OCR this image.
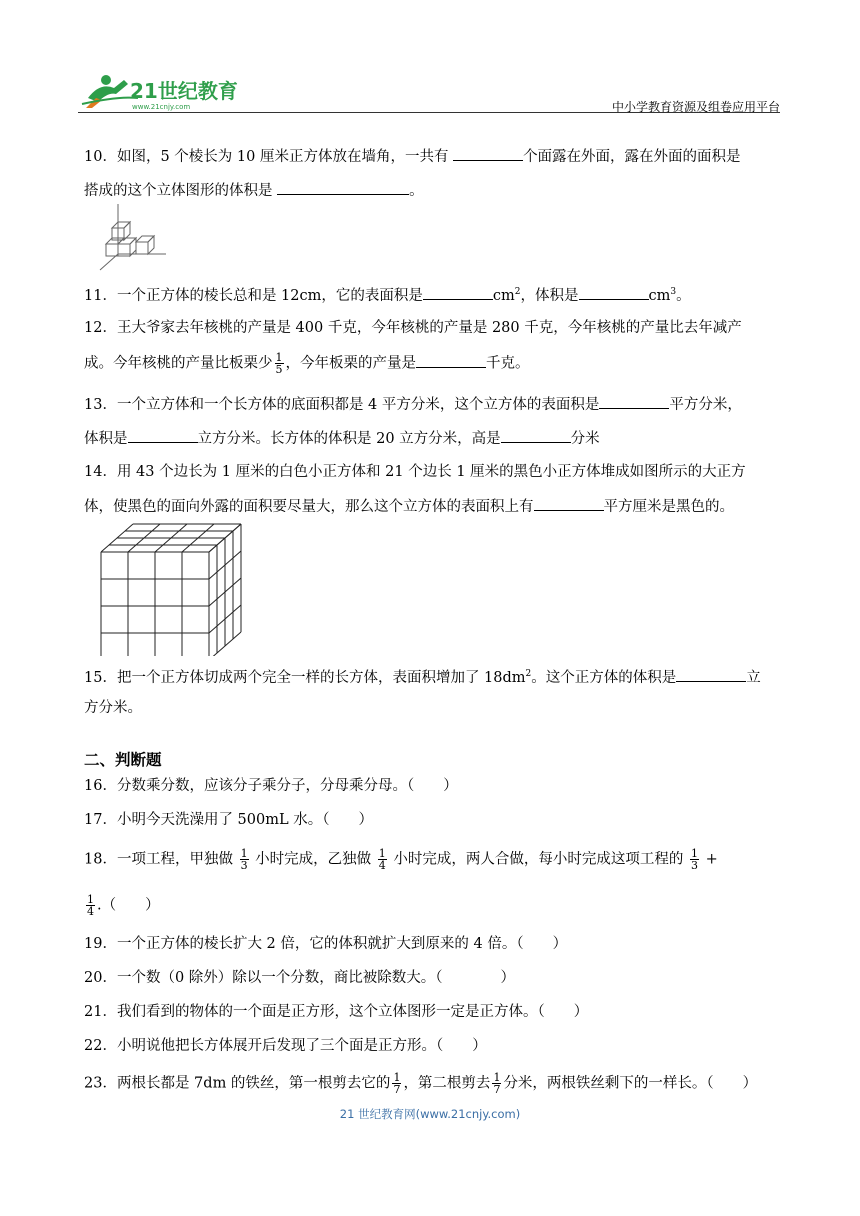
21世纪教育
www.21cnjy.com	中小学教育资源及组卷应用平台
10．如图，5 个棱长为 10 厘米正方体放在墙角，一共有	个面露在外面，露在外面的面积是
搭成的这个立体图形的体积是	。
11．一个正方体的棱长总和是 12cm，它的表面积是	$cm^2$，体积是	$cm^3$。
12．王大爷家去年核桃的产量是 400 千克，今年核桃的产量是 280 千克，今年核桃的产量比去年减产
成。今年核桃的产量比板栗少 $\frac{1}{5}$ ，今年板栗的产量是	千克。
13．一个立方体和一个长方体的底面积都是 4 平方分米，这个立方体的表面积是	平方分米，
体积是	立方分米。长方体的体积是 20 立方分米，高是	分米
14．用 43 个边长为 1 厘米的白色小正方体和 21 个边长 1 厘米的黑色小正方体堆成如图所示的大正方
体，使黑色的面向外露的面积要尽量大，那么这个立方体的表面积上有	平方厘米是黑色的。
15．把一个正方体切成两个完全一样的长方体，表面积增加了 $18dm^2$。这个正方体的体积是	立
方分米。
二、判断题
16．分数乘分数，应该分子乘分子，分母乘分母。（　　）
17．小明今天洗澡用了 500mL 水。（　　）
18．一项工程，甲独做 $\frac{1}{3}$ 小时完成，乙独做 $\frac{1}{4}$ 小时完成，两人合做，每小时完成这项工程的 $\frac{1}{3}$ +
$\frac{1}{4}$ .（　　）
19．一个正方体的棱长扩大 2 倍，它的体积就扩大到原来的 4 倍。（　　）
20．一个数（0 除外）除以一个分数，商比被除数大。（　　　　）
21．我们看到的物体的一个面是正方形，这个立体图形一定是正方体。（　　）
22．小明说他把长方体展开后发现了三个面是正方形。（　　）
23．两根长都是 7dm 的铁丝，第一根剪去它的 $\frac{1}{7}$ ，第二根剪去 $\frac{1}{7}$ 分米，两根铁丝剩下的一样长。（　　）
21 世纪教育网(www.21cnjy.com)
